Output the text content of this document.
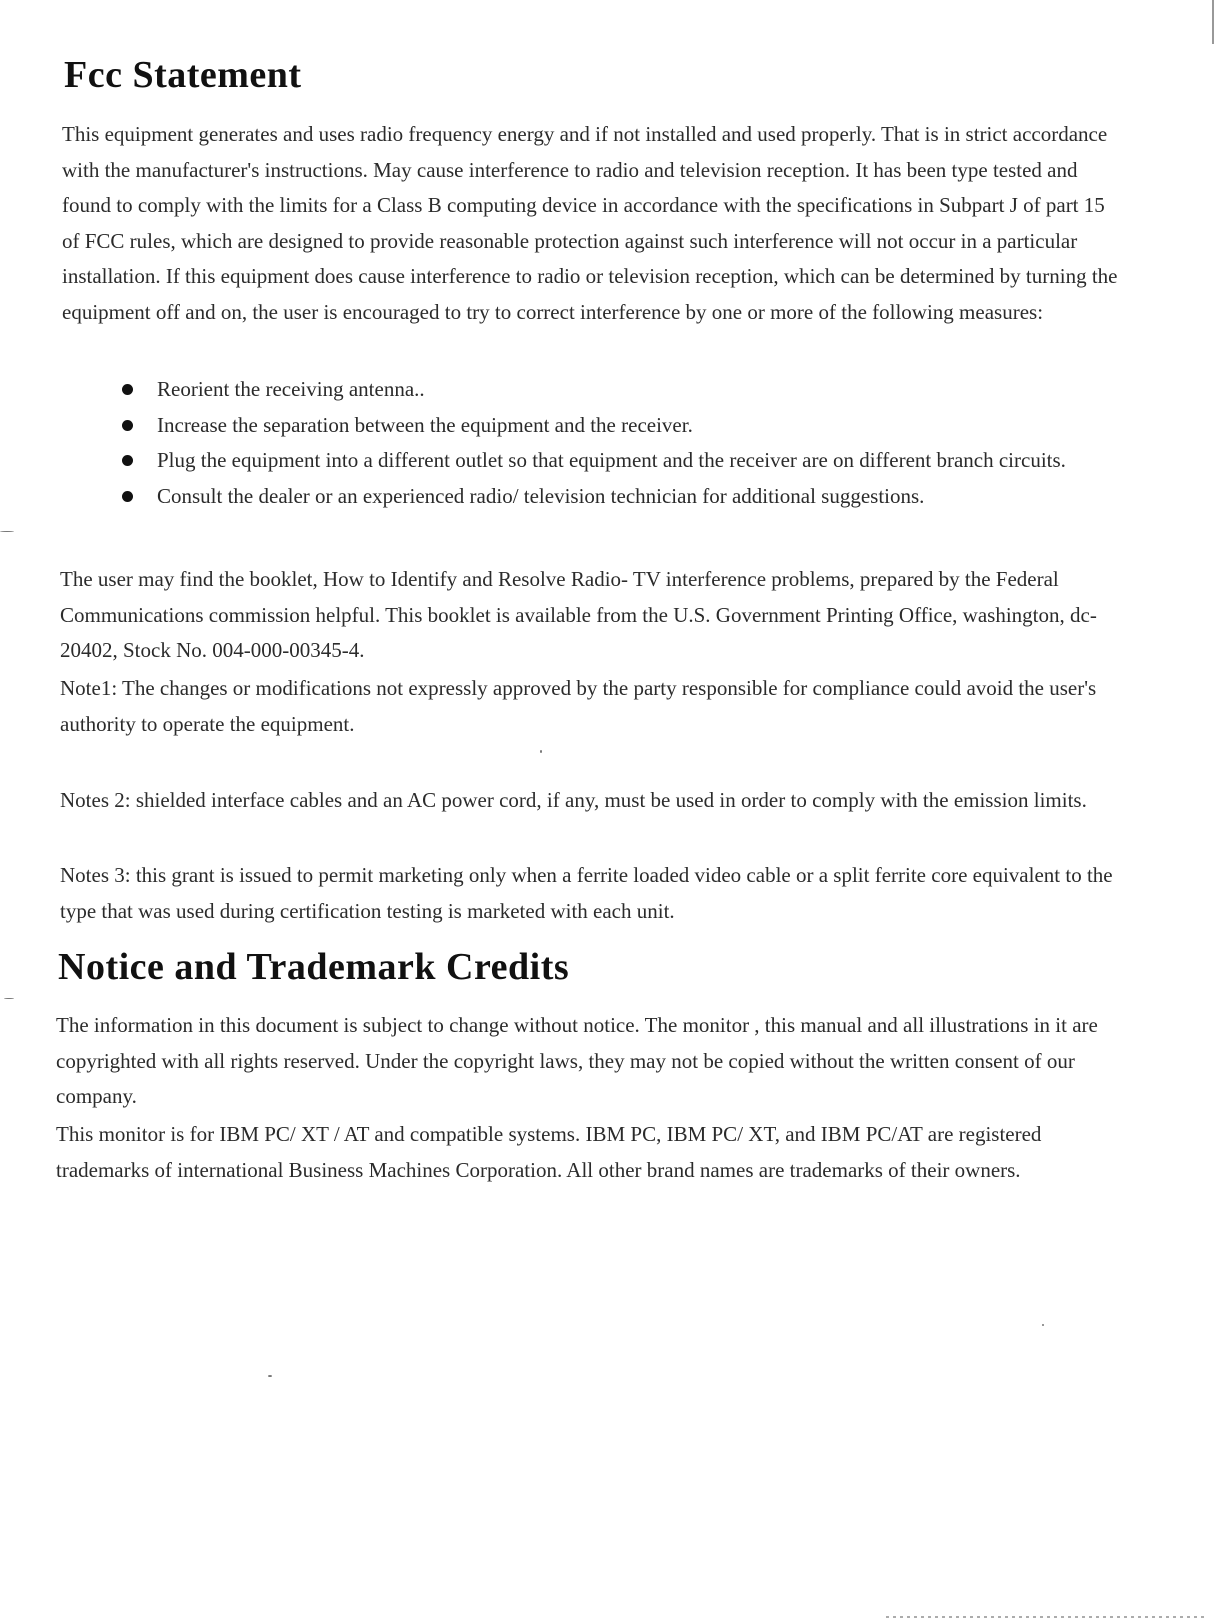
Fcc Statement

This equipment generates and uses radio frequency energy and if not installed and used properly. That is in strict accordance with the manufacturer's instructions. May cause interference to radio and television reception. It has been type tested and found to comply with the limits for a Class B computing device in accordance with the specifications in Subpart J of part 15 of FCC rules, which are designed to provide reasonable protection against such interference will not occur in a particular installation. If this equipment does cause interference to radio or television reception, which can be determined by turning the equipment off and on, the user is encouraged to try to correct interference by one or more of the following measures:

Reorient the receiving antenna..
Increase the separation between the equipment and the receiver.
Plug the equipment into a different outlet so that equipment and the receiver are on different branch circuits.
Consult the dealer or an experienced radio/ television technician for additional suggestions.

The user may find the booklet, How to Identify and Resolve Radio- TV interference problems, prepared by the Federal Communications commission helpful. This booklet is available from the U.S. Government Printing Office, washington, dc-20402, Stock No. 004-000-00345-4.

Note1: The changes or modifications not expressly approved by the party responsible for compliance could avoid the user's authority to operate the equipment.

Notes 2: shielded interface cables and an AC power cord, if any, must be used in order to comply with the emission limits.

Notes 3: this grant is issued to permit marketing only when a ferrite loaded video cable or a split ferrite core equivalent to the type that was used during certification testing is marketed with each unit.

Notice and Trademark Credits

The information in this document is subject to change without notice. The monitor , this manual and all illustrations in it are copyrighted with all rights reserved. Under the copyright laws, they may not be copied without the written consent of our company.

This monitor is for IBM PC/ XT / AT and compatible systems. IBM PC, IBM PC/ XT, and IBM PC/AT are registered trademarks of international Business Machines Corporation. All other brand names are trademarks of their owners.
